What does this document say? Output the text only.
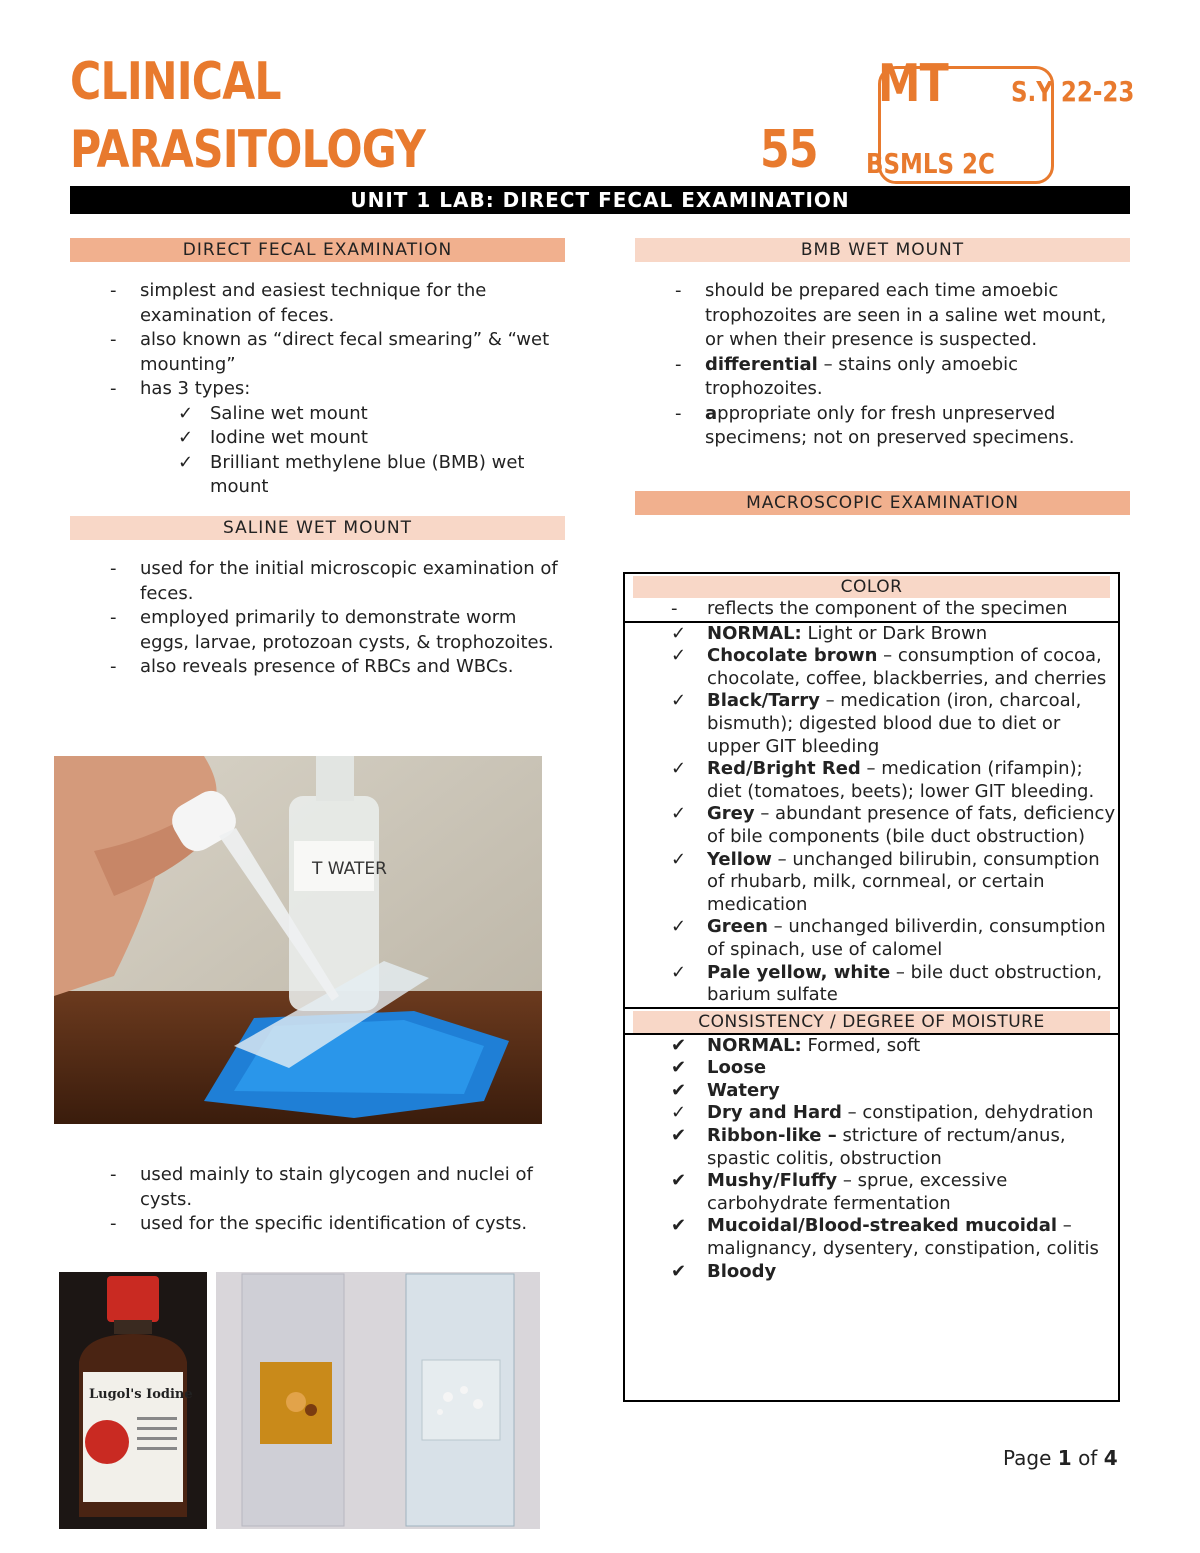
CLINICAL
PARASITOLOGY	55
MT S.Y 22-23
BSMLS 2C
UNIT 1 LAB: DIRECT FECAL EXAMINATION
DIRECT FECAL EXAMINATION
- simplest and easiest technique for the examination of feces.
- also known as “direct fecal smearing” & “wet mounting”
- has 3 types:
✓ Saline wet mount
✓ Iodine wet mount
✓ Brilliant methylene blue (BMB) wet mount
SALINE WET MOUNT
- used for the initial microscopic examination of feces.
- employed primarily to demonstrate worm eggs, larvae, protozoan cysts, & trophozoites.
- also reveals presence of RBCs and WBCs.
T WATER
- used mainly to stain glycogen and nuclei of cysts.
- used for the specific identification of cysts.
Lugol's Iodine
BMB WET MOUNT
- should be prepared each time amoebic trophozoites are seen in a saline wet mount, or when their presence is suspected.
- differential – stains only amoebic trophozoites.
- appropriate only for fresh unpreserved specimens; not on preserved specimens.
MACROSCOPIC EXAMINATION
COLOR
- reflects the component of the specimen
✓ NORMAL: Light or Dark Brown
✓ Chocolate brown – consumption of cocoa, chocolate, coffee, blackberries, and cherries
✓ Black/Tarry – medication (iron, charcoal, bismuth); digested blood due to diet or upper GIT bleeding
✓ Red/Bright Red – medication (rifampin); diet (tomatoes, beets); lower GIT bleeding.
✓ Grey – abundant presence of fats, deficiency of bile components (bile duct obstruction)
✓ Yellow – unchanged bilirubin, consumption of rhubarb, milk, cornmeal, or certain medication
✓ Green – unchanged biliverdin, consumption of spinach, use of calomel
✓ Pale yellow, white – bile duct obstruction, barium sulfate
CONSISTENCY / DEGREE OF MOISTURE
✔ NORMAL: Formed, soft
✔ Loose
✔ Watery
✓ Dry and Hard – constipation, dehydration
✔ Ribbon-like – stricture of rectum/anus, spastic colitis, obstruction
✔ Mushy/Fluffy – sprue, excessive carbohydrate fermentation
✔ Mucoidal/Blood-streaked mucoidal – malignancy, dysentery, constipation, colitis
✔ Bloody
Page 1 of 4
